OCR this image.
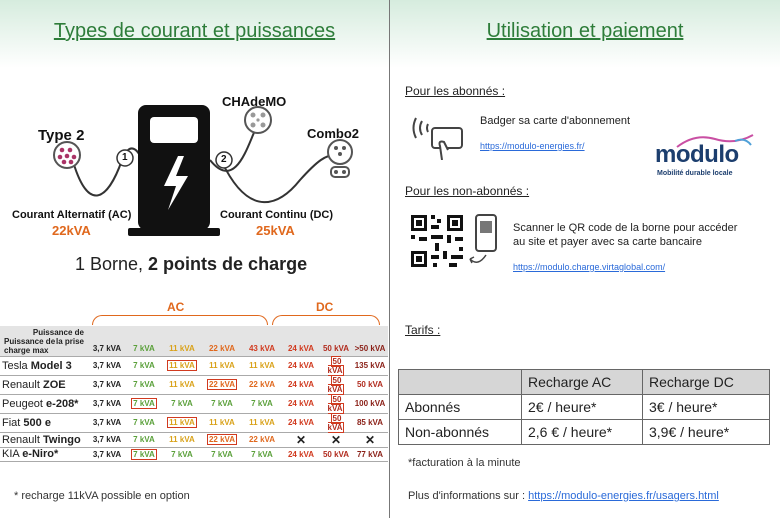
Types de courant et puissances
1	2
Type 2
CHAdeMO
Combo2
Courant Alternatif (AC)
22kVA
Courant Continu (DC)
25kVA
1 Borne, 2 points de charge
AC	DC
Puissance de la prise
Puissance de charge max	3,7 kVA	7 kVA	11 kVA	22 kVA	43 kVA	24 kVA	50 kVA	>50 kVA
Tesla Model 3	3,7 kVA	7 kVA	11 kVA	11 kVA	11 kVA	24 kVA	50 kVA	135 kVA
Renault ZOE	3,7 kVA	7 kVA	11 kVA	22 kVA	22 kVA	24 kVA	50 kVA	50 kVA
Peugeot e-208*	3,7 kVA	7 kVA	7 kVA	7 kVA	7 kVA	24 kVA	50 kVA	100 kVA
Fiat 500 e	3,7 kVA	7 kVA	11 kVA	11 kVA	11 kVA	24 kVA	50 kVA	85 kVA
Renault Twingo	3,7 kVA	7 kVA	11 kVA	22 kVA	22 kVA	✕	✕	✕
KIA e-Niro*	3,7 kVA	7 kVA	7 kVA	7 kVA	7 kVA	24 kVA	50 kVA	77 kVA
* recharge 11kVA possible en option
Utilisation et paiement
Pour les abonnés :
Badger sa carte d'abonnement
https://modulo-energies.fr/	modulo
Mobilité durable locale
Pour les non-abonnés :
Scanner le QR code de la borne pour accéder
au site et payer avec sa carte bancaire
https://modulo.charge.virtaglobal.com/
Tarifs :
	Recharge AC	Recharge DC
Abonnés	2€ / heure*	3€ / heure*
Non-abonnés	2,6 € / heure*	3,9€ / heure*
*facturation à la minute
Plus d'informations sur : https://modulo-energies.fr/usagers.html
